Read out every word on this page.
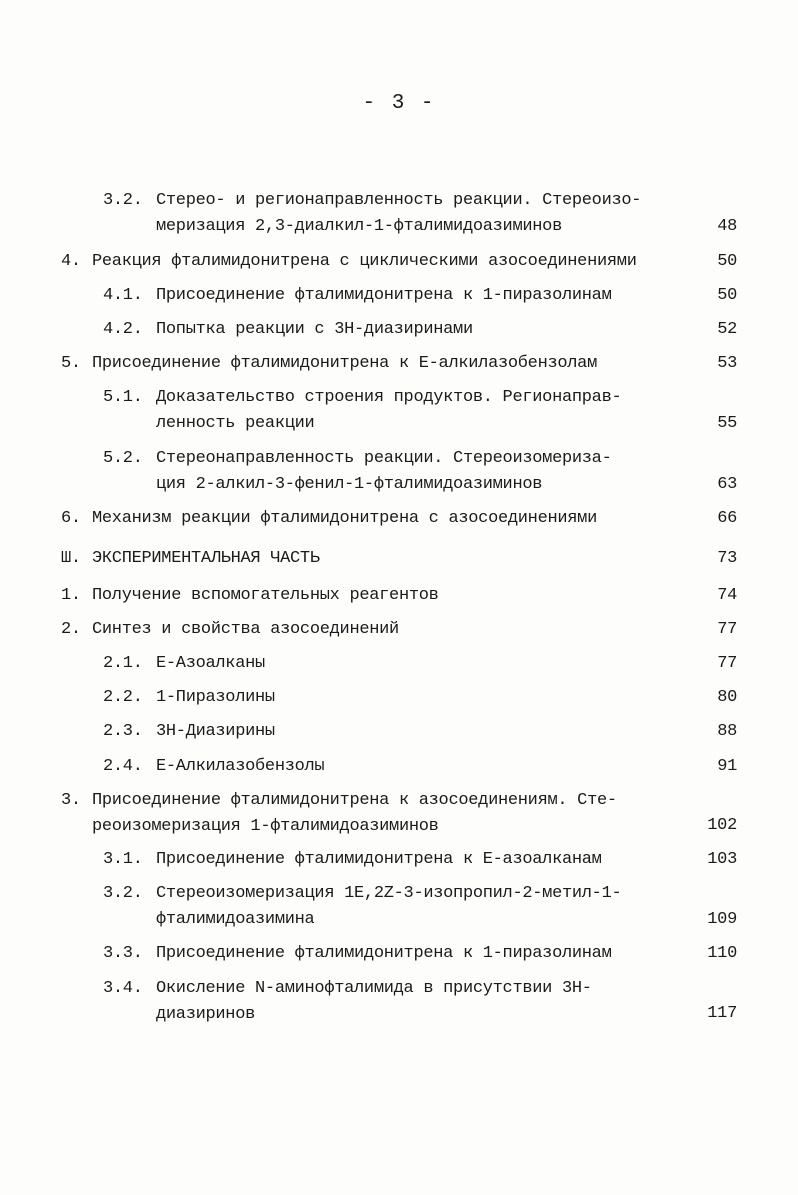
- 3 -
3.2. Стерео- и регионаправленность реакции. Стереоизо-
меризация 2,3-диалкил-1-фталимидоазиминов	48
4. Реакция фталимидонитрена с циклическими азосоединениями	50
4.1. Присоединение фталимидонитрена к 1-пиразолинам	50
4.2. Попытка реакции с 3Н-диазиринами	52
5. Присоединение фталимидонитрена к Е-алкилазобензолам	53
5.1. Доказательство строения продуктов. Регионаправ-
ленность реакции	55
5.2. Стереонаправленность реакции. Стереоизомериза-
ция 2-алкил-3-фенил-1-фталимидоазиминов	63
6. Механизм реакции фталимидонитрена с азосоединениями	66
Ш. ЭКСПЕРИМЕНТАЛЬНАЯ ЧАСТЬ	73
1. Получение вспомогательных реагентов	74
2. Синтез и свойства азосоединений	77
2.1. Е-Азоалканы	77
2.2. 1-Пиразолины	80
2.3. 3Н-Диазирины	88
2.4. Е-Алкилазобензолы	91
3. Присоединение фталимидонитрена к азосоединениям. Сте-
реоизомеризация 1-фталимидоазиминов	102
3.1. Присоединение фталимидонитрена к Е-азоалканам	103
3.2. Стереоизомеризация 1Е,2Z-3-изопропил-2-метил-1-
фталимидоазимина	109
3.3. Присоединение фталимидонитрена к 1-пиразолинам	110
3.4. Окисление N-аминофталимида в присутствии 3Н-
диазиринов	117
